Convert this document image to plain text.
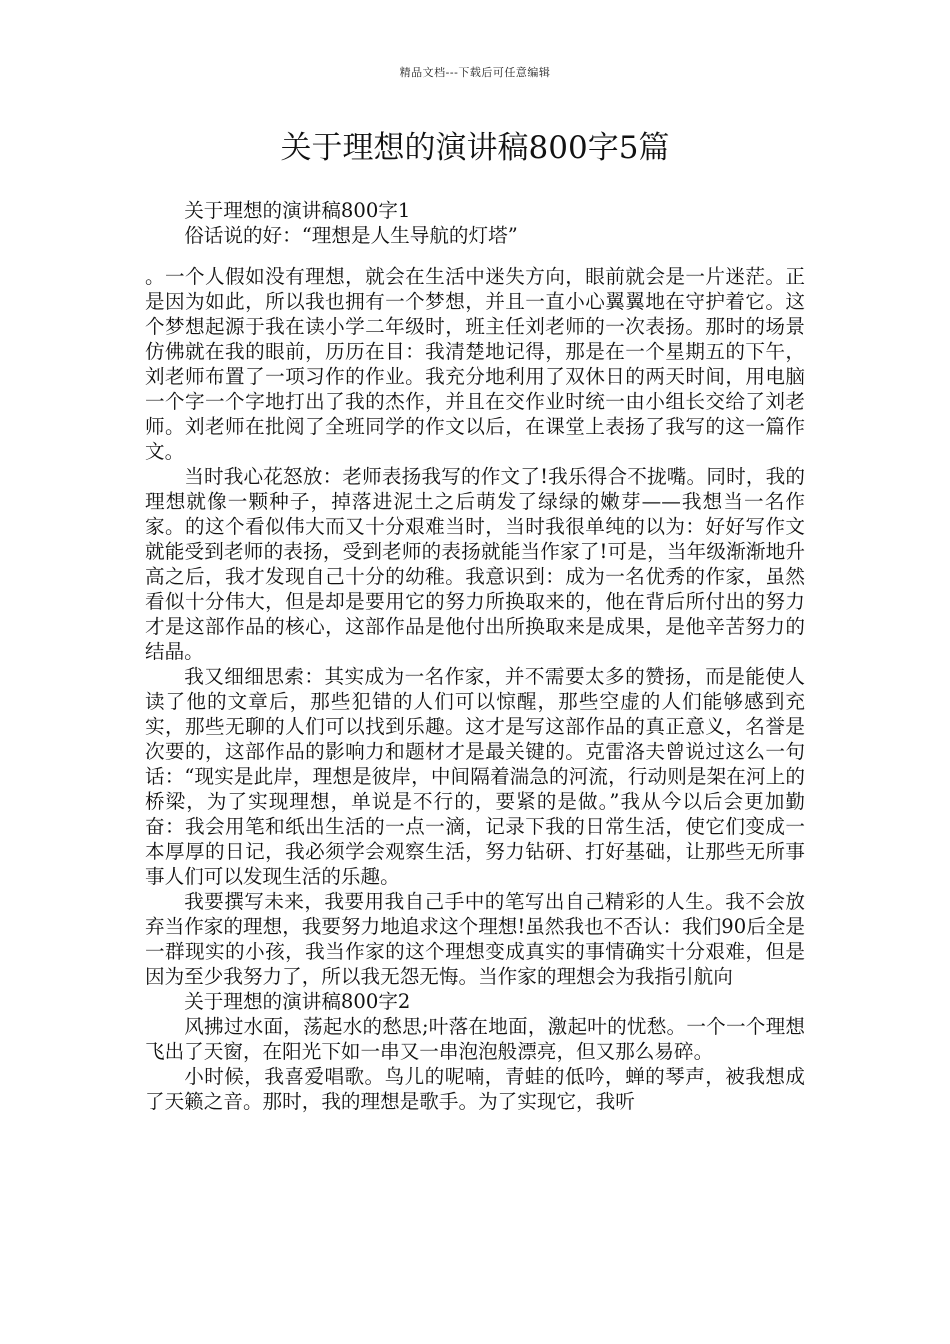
精品文档---下载后可任意编辑
关于理想的演讲稿800字5篇

关于理想的演讲稿800字1

俗话说的好：“理想是人生导航的灯塔”

。一个人假如没有理想，就会在生活中迷失方向，眼前就会是一片迷茫。正是因为如此，所以我也拥有一个梦想，并且一直小心翼翼地在守护着它。这个梦想起源于我在读小学二年级时，班主任刘老师的一次表扬。那时的场景仿佛就在我的眼前，历历在目：我清楚地记得，那是在一个星期五的下午，刘老师布置了一项习作的作业。我充分地利用了双休日的两天时间，用电脑一个字一个字地打出了我的杰作，并且在交作业时统一由小组长交给了刘老师。刘老师在批阅了全班同学的作文以后，在课堂上表扬了我写的这一篇作文。

当时我心花怒放：老师表扬我写的作文了!我乐得合不拢嘴。同时，我的理想就像一颗种子，掉落进泥土之后萌发了绿绿的嫩芽——我想当一名作家。的这个看似伟大而又十分艰难当时，当时我很单纯的以为：好好写作文就能受到老师的表扬，受到老师的表扬就能当作家了!可是，当年级渐渐地升高之后，我才发现自己十分的幼稚。我意识到：成为一名优秀的作家，虽然看似十分伟大，但是却是要用它的努力所换取来的，他在背后所付出的努力才是这部作品的核心，这部作品是他付出所换取来是成果，是他辛苦努力的结晶。

我又细细思索：其实成为一名作家，并不需要太多的赞扬，而是能使人读了他的文章后，那些犯错的人们可以惊醒，那些空虚的人们能够感到充实，那些无聊的人们可以找到乐趣。这才是写这部作品的真正意义，名誉是次要的，这部作品的影响力和题材才是最关键的。克雷洛夫曾说过这么一句话：“现实是此岸，理想是彼岸，中间隔着湍急的河流，行动则是架在河上的桥梁，为了实现理想，单说是不行的，要紧的是做。”我从今以后会更加勤奋：我会用笔和纸出生活的一点一滴，记录下我的日常生活，使它们变成一本厚厚的日记，我必须学会观察生活，努力钻研、打好基础，让那些无所事事人们可以发现生活的乐趣。

我要撰写未来，我要用我自己手中的笔写出自己精彩的人生。我不会放弃当作家的理想，我要努力地追求这个理想!虽然我也不否认：我们90后全是一群现实的小孩，我当作家的这个理想变成真实的事情确实十分艰难，但是因为至少我努力了，所以我无怨无悔。当作家的理想会为我指引航向

关于理想的演讲稿800字2

风拂过水面，荡起水的愁思;叶落在地面，激起叶的忧愁。一个一个理想飞出了天窗，在阳光下如一串又一串泡泡般漂亮，但又那么易碎。

小时候，我喜爱唱歌。鸟儿的呢喃，青蛙的低吟，蝉的琴声，被我想成了天籁之音。那时，我的理想是歌手。为了实现它，我听
